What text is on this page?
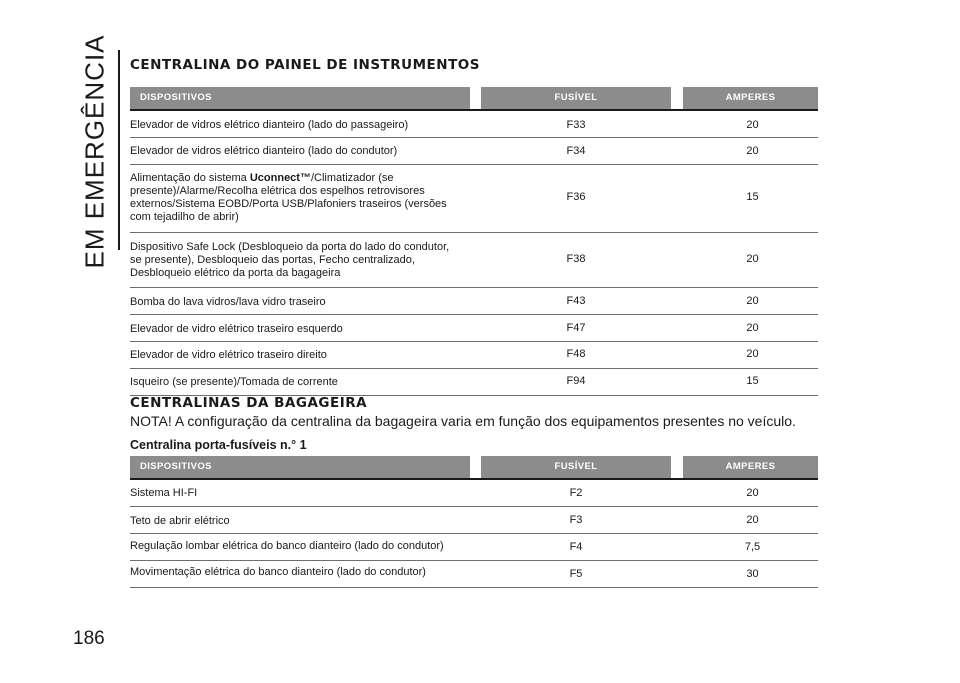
EM EMERGÊNCIA CENTRALINA DO PAINEL DE INSTRUMENTOS
DISPOSITIVOS	FUSÍVEL	AMPERES
Elevador de vidros elétrico dianteiro (lado do passageiro)	F33	20
Elevador de vidros elétrico dianteiro (lado do condutor)	F34	20
Alimentação do sistema Uconnect™/Climatizador (se
presente)/Alarme/Recolha elétrica dos espelhos retrovisores
externos/Sistema EOBD/Porta USB/Plafoniers traseiros (versões
com tejadilho de abrir)
F36	15
Dispositivo Safe Lock (Desbloqueio da porta do lado do condutor,
se presente), Desbloqueio das portas, Fecho centralizado,
Desbloqueio elétrico da porta da bagageira
F38	20
Bomba do lava vidros/lava vidro traseiro	F43	20
Elevador de vidro elétrico traseiro esquerdo	F47	20
Elevador de vidro elétrico traseiro direito	F48	20
Isqueiro (se presente)/Tomada de corrente	F94	15
CENTRALINAS DA BAGAGEIRA
NOTA! A configuração da centralina da bagageira varia em função dos equipamentos presentes no veículo.
Centralina porta-fusíveis n.° 1
DISPOSITIVOS	FUSÍVEL	AMPERES
Sistema HI-FI	F2	20
Teto de abrir elétrico	F3	20
Regulação lombar elétrica do banco dianteiro (lado do condutor)	F4	7,5
Movimentação elétrica do banco dianteiro (lado do condutor)	F5	30
186
